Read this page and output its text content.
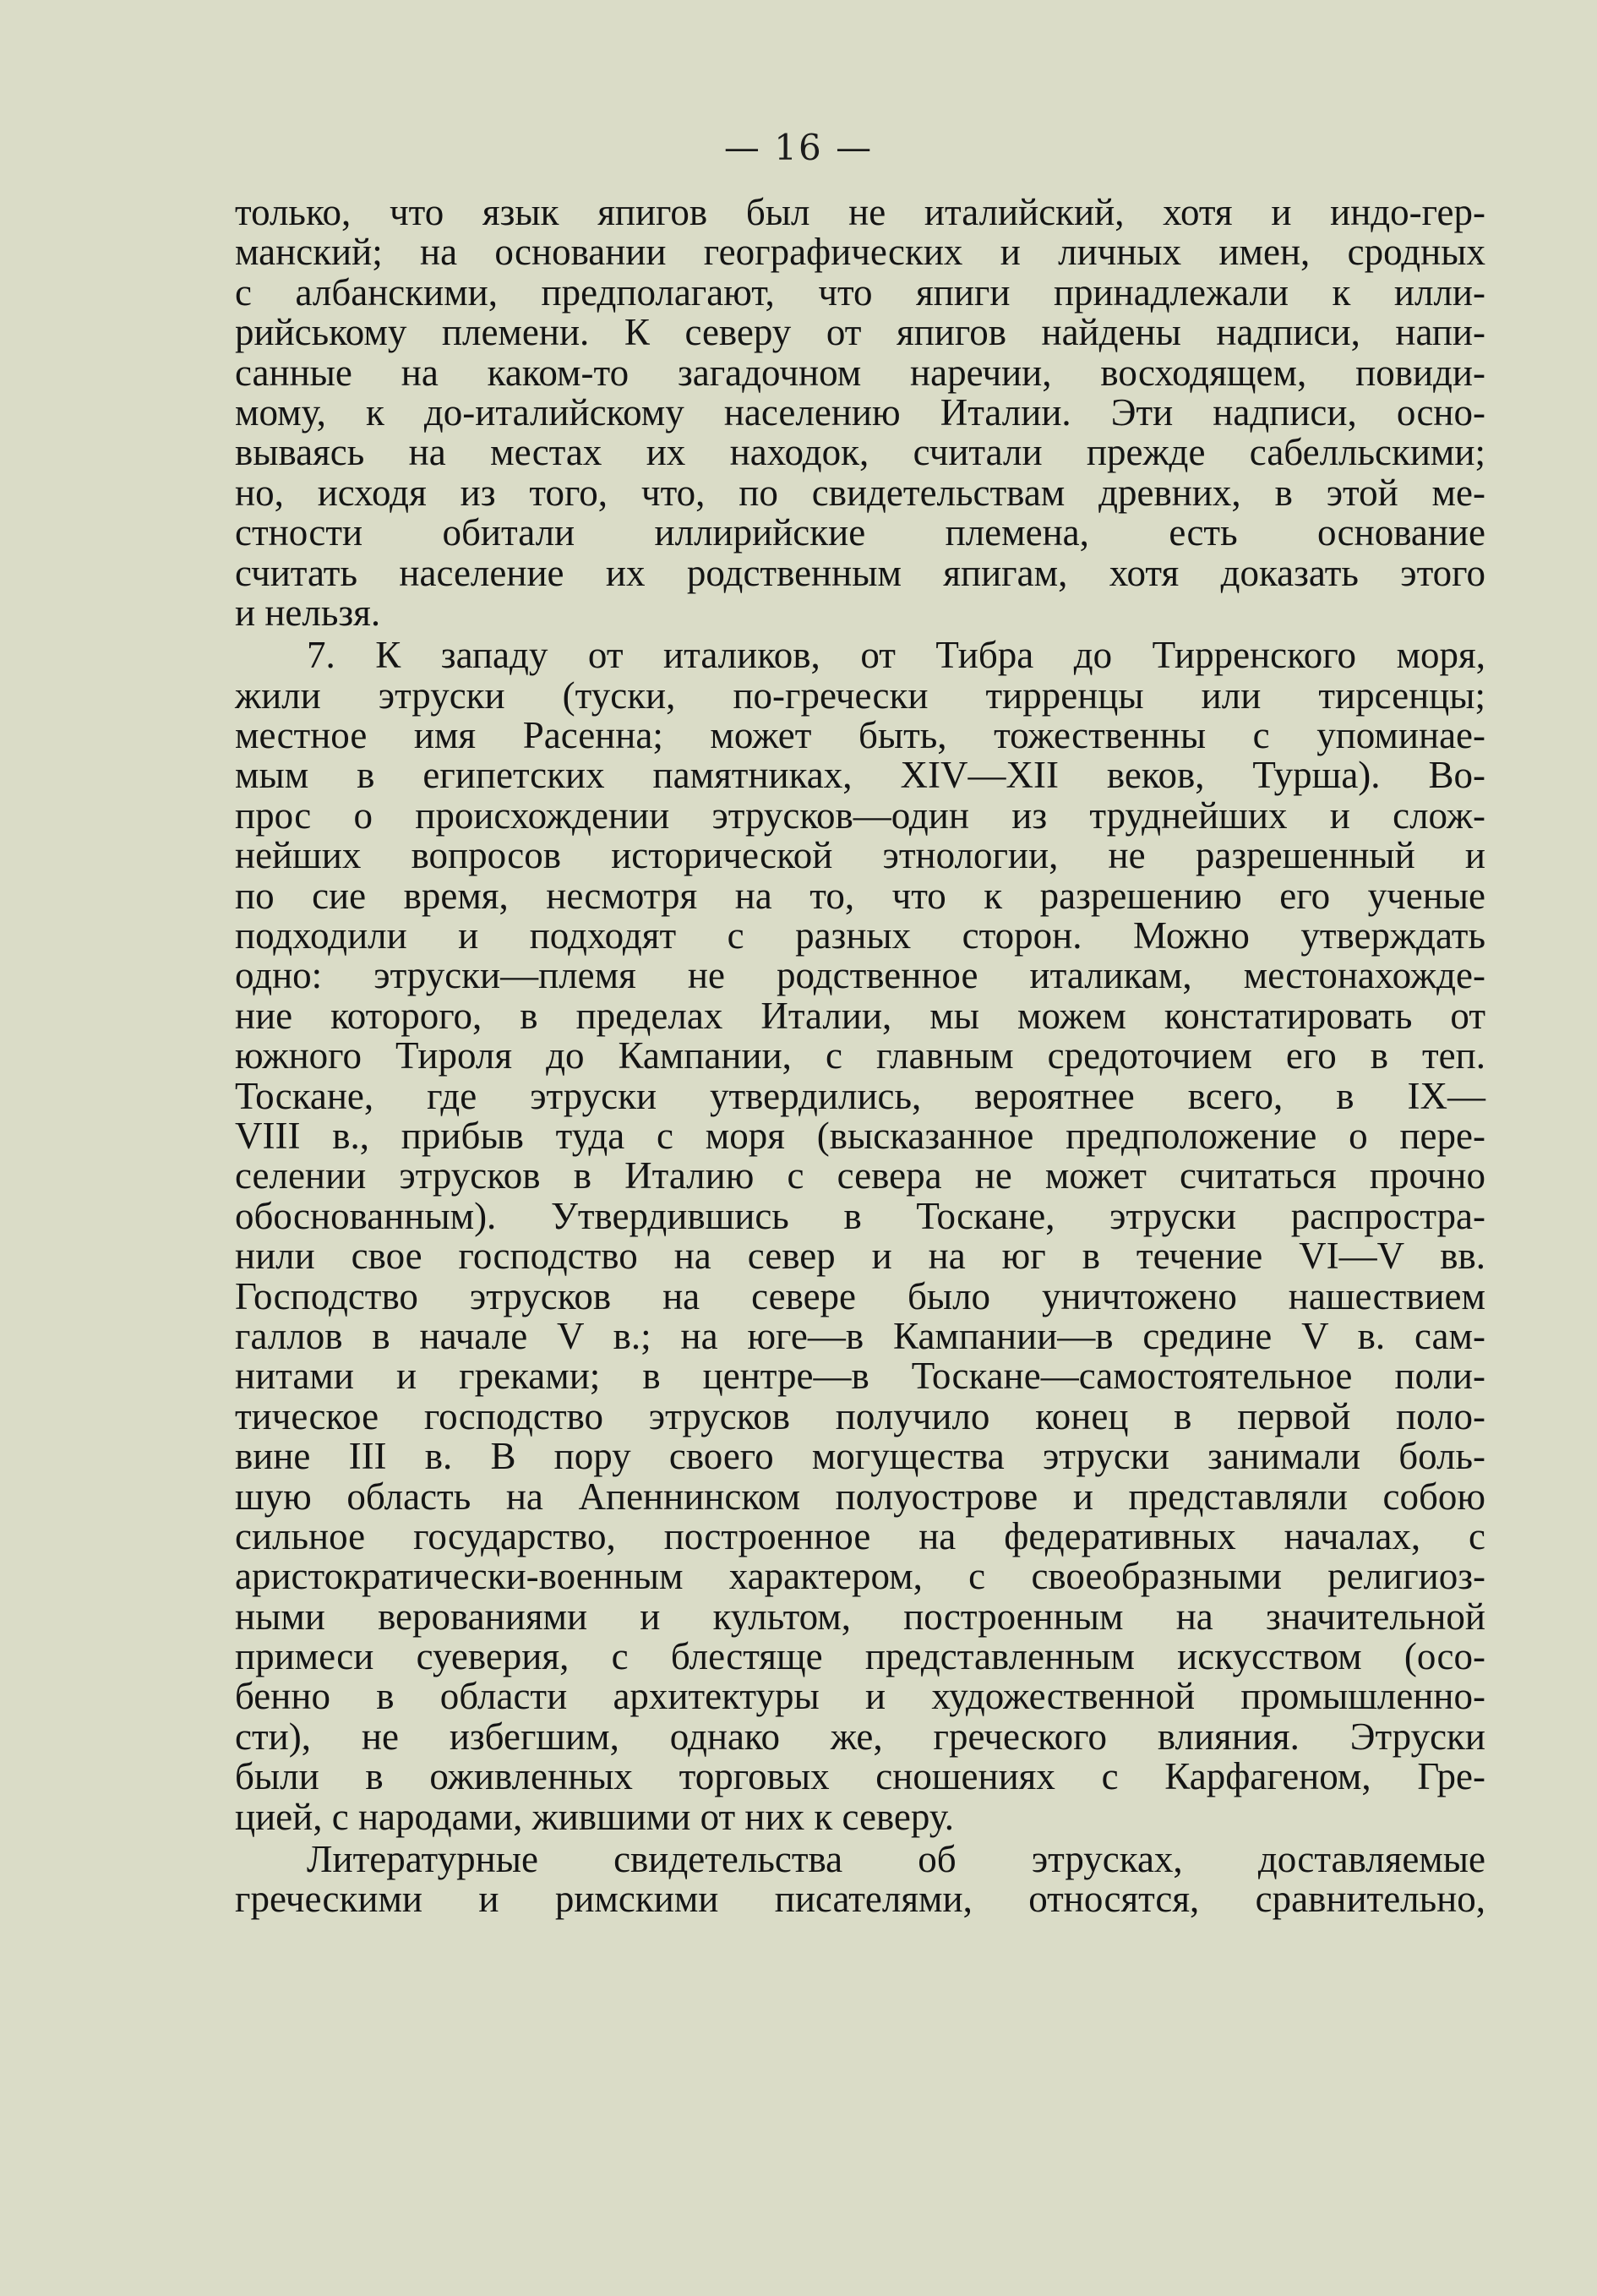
— 16 —
только, что язык япигов был не италийский, хотя и индо-гер-
манский; на основании географических и личных имен, сродных
с албанскими, предполагают, что япиги принадлежали к илли-
рийському племени. К северу от япигов найдены надписи, напи-
санные на каком-то загадочном наречии, восходящем, повиди-
мому, к до-италийскому населению Италии. Эти надписи, осно-
вываясь на местах их находок, считали прежде сабелльскими;
но, исходя из того, что, по свидетельствам древних, в этой ме-
стности обитали иллирийские племена, есть основание
считать население их родственным япигам, хотя доказать этого
и нельзя.
7. К западу от италиков, от Тибра до Тирренского моря,
жили этруски (туски, по-гречески тирренцы или тирсенцы;
местное имя Расенна; может быть, тожественны с упоминае-
мым в египетских памятниках, XIV—XII веков, Турша). Во-
прос о происхождении этрусков—один из труднейших и слож-
нейших вопросов исторической этнологии, не разрешенный и
по сие время, несмотря на то, что к разрешению его ученые
подходили и подходят с разных сторон. Можно утверждать
одно: этруски—племя не родственное италикам, местонахожде-
ние которого, в пределах Италии, мы можем констатировать от
южного Тироля до Кампании, с главным средоточием его в теп.
Тоскане, где этруски утвердились, вероятнее всего, в IX—
VIII в., прибыв туда с моря (высказанное предположение о пере-
селении этрусков в Италию с севера не может считаться прочно
обоснованным). Утвердившись в Тоскане, этруски распростра-
нили свое господство на север и на юг в течение VI—V вв.
Господство этрусков на севере было уничтожено нашествием
галлов в начале V в.; на юге—в Кампании—в средине V в. сам-
нитами и греками; в центре—в Тоскане—самостоятельное поли-
тическое господство этрусков получило конец в первой поло-
вине III в. В пору своего могущества этруски занимали боль-
шую область на Апеннинском полуострове и представляли собою
сильное государство, построенное на федеративных началах, с
аристократически-военным характером, с своеобразными религиоз-
ными верованиями и культом, построенным на значительной
примеси суеверия, с блестяще представленным искусством (осо-
бенно в области архитектуры и художественной промышленно-
сти), не избегшим, однако же, греческого влияния. Этруски
были в оживленных торговых сношениях с Карфагеном, Гре-
цией, с народами, жившими от них к северу.
Литературные свидетельства об этрусках, доставляемые
греческими и римскими писателями, относятся, сравнительно,
